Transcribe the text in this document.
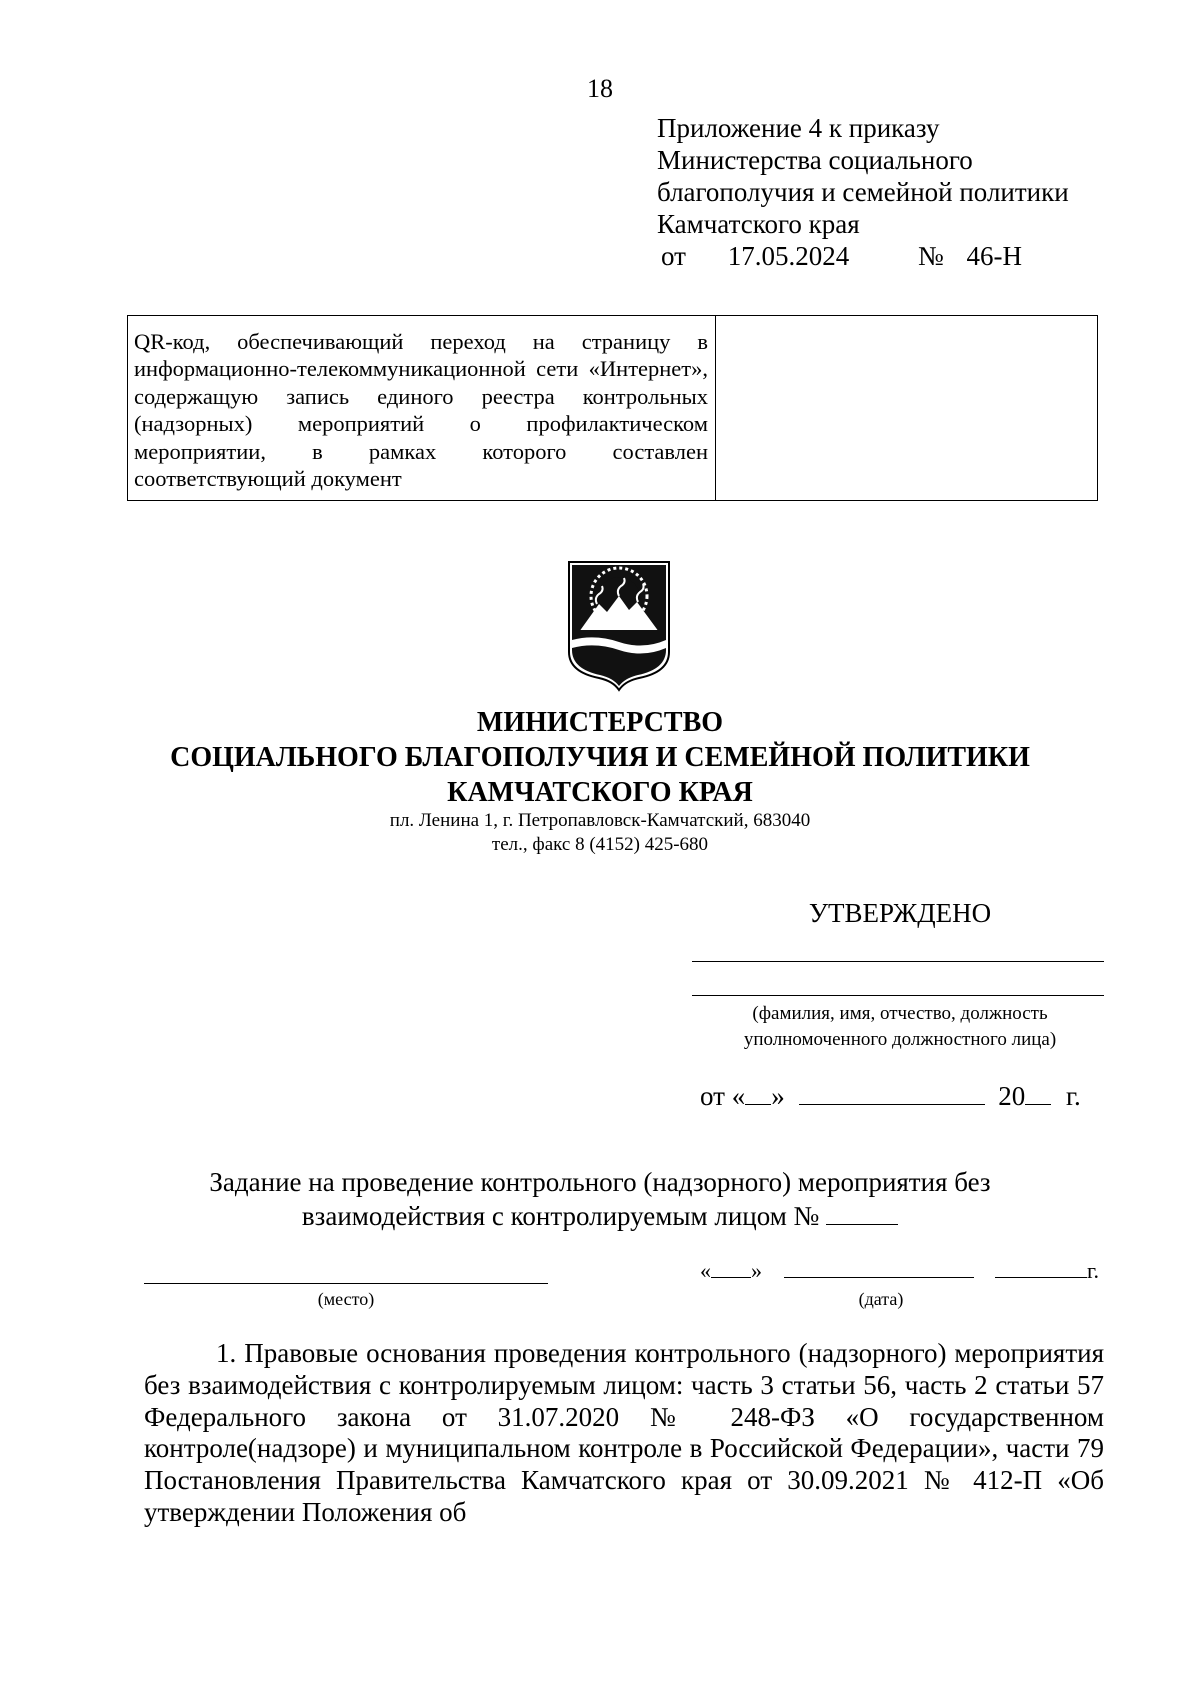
18
Приложение 4 к приказу
Министерства социального
благополучия и семейной политики
Камчатского края
от 17.05.2024	№ 46-Н
QR-код, обеспечивающий переход на страницу в информационно-телекоммуникационной сети «Интернет», содержащую запись единого реестра контрольных (надзорных) мероприятий о профилактическом мероприятии, в рамках которого составлен соответствующий документ
МИНИСТЕРСТВО
СОЦИАЛЬНОГО БЛАГОПОЛУЧИЯ И СЕМЕЙНОЙ ПОЛИТИКИ
КАМЧАТСКОГО КРАЯ
пл. Ленина 1, г. Петропавловск-Камчатский, 683040
тел., факс 8 (4152) 425-680
УТВЕРЖДЕНО
(фамилия, имя, отчество, должность
уполномоченного должностного лица)
от « »	20 г.
Задание на проведение контрольного (надзорного) мероприятия без
взаимодействия с контролируемым лицом №
(место)
« »	г.
(дата)
1. Правовые основания проведения контрольного (надзорного) мероприятия без взаимодействия с контролируемым лицом: часть 3 статьи 56, часть 2 статьи 57 Федерального закона от 31.07.2020 № 248-ФЗ «О государственном контроле(надзоре) и муниципальном контроле в Российской Федерации», части 79 Постановления Правительства Камчатского края от 30.09.2021 № 412-П «Об утверждении Положения об
